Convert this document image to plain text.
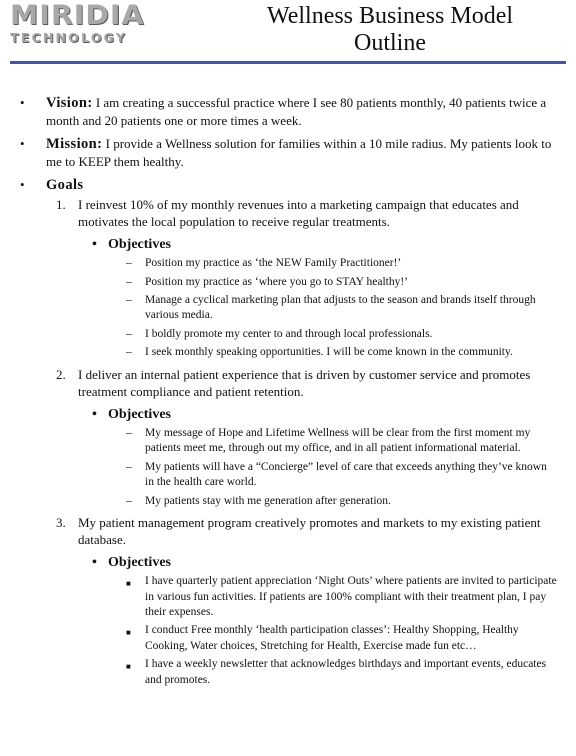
MIRIDIA
TECHNOLOGY
Wellness Business Model
Outline
• Vision: I am creating a successful practice where I see 80 patients monthly, 40 patients twice a month and 20 patients one or more times a week.
• Mission: I provide a Wellness solution for families within a 10 mile radius. My patients look to me to KEEP them healthy.
• Goals
1. I reinvest 10% of my monthly revenues into a marketing campaign that educates and motivates the local population to receive regular treatments.
• Objectives
– Position my practice as ‘the NEW Family Practitioner!’
– Position my practice as ‘where you go to STAY healthy!’
– Manage a cyclical marketing plan that adjusts to the season and brands itself through various media.
– I boldly promote my center to and through local professionals.
– I seek monthly speaking opportunities. I will be come known in the community.
2. I deliver an internal patient experience that is driven by customer service and promotes treatment compliance and patient retention.
• Objectives
– My message of Hope and Lifetime Wellness will be clear from the first moment my patients meet me, through out my office, and in all patient informational material.
– My patients will have a “Concierge” level of care that exceeds anything they’ve known in the health care world.
– My patients stay with me generation after generation.
3. My patient management program creatively promotes and markets to my existing patient database.
• Objectives
■ I have quarterly patient appreciation ‘Night Outs’ where patients are invited to participate in various fun activities. If patients are 100% compliant with their treatment plan, I pay their expenses.
■ I conduct Free monthly ‘health participation classes’: Healthy Shopping, Healthy Cooking, Water choices, Stretching for Health, Exercise made fun etc…
■ I have a weekly newsletter that acknowledges birthdays and important events, educates and promotes.
